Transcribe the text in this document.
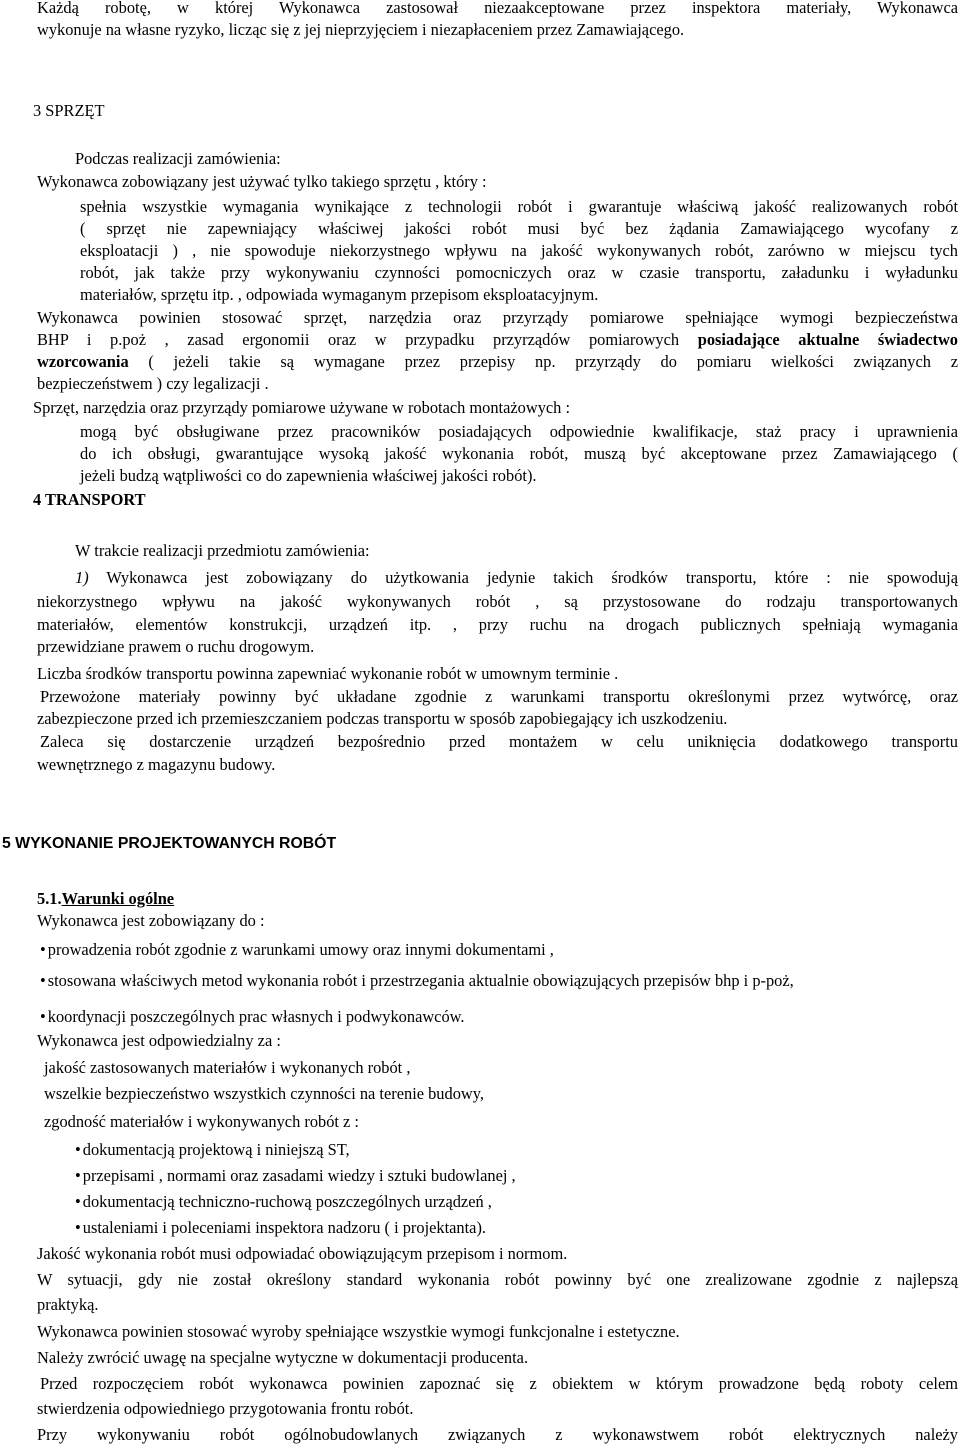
Każdą robotę, w której Wykonawca zastosował niezaakceptowane przez inspektora materiały, Wykonawca

wykonuje na własne ryzyko, licząc się z jej nieprzyjęciem i niezapłaceniem przez Zamawiającego.

3 SPRZĘT

Podczas realizacji zamówienia:

Wykonawca zobowiązany jest używać tylko takiego sprzętu , który :

spełnia wszystkie wymagania wynikające z technologii robót i gwarantuje właściwą jakość realizowanych robót

( sprzęt nie zapewniający właściwej jakości robót musi być bez żądania Zamawiającego wycofany z

eksploatacji ) , nie spowoduje niekorzystnego wpływu na jakość wykonywanych robót, zarówno w miejscu tych

robót, jak także przy wykonywaniu czynności pomocniczych oraz w czasie transportu, załadunku i wyładunku

materiałów, sprzętu itp. , odpowiada wymaganym przepisom eksploatacyjnym.

Wykonawca powinien stosować sprzęt, narzędzia oraz przyrządy pomiarowe spełniające wymogi bezpieczeństwa

BHP i p.poż , zasad ergonomii oraz w przypadku przyrządów pomiarowych posiadające aktualne świadectwo

wzorcowania ( jeżeli takie są wymagane przez przepisy np. przyrządy do pomiaru wielkości związanych z

bezpieczeństwem ) czy legalizacji .

Sprzęt, narzędzia oraz przyrządy pomiarowe używane w robotach montażowych :

mogą być obsługiwane przez pracowników posiadających odpowiednie kwalifikacje, staż pracy i uprawnienia

do ich obsługi, gwarantujące wysoką jakość wykonania robót, muszą być akceptowane przez Zamawiającego (

jeżeli budzą wątpliwości co do zapewnienia właściwej jakości robót).

4 TRANSPORT

W trakcie realizacji przedmiotu zamówienia:

1) Wykonawca jest zobowiązany do użytkowania jedynie takich środków transportu, które : nie spowodują

niekorzystnego wpływu na jakość wykonywanych robót , są przystosowane do rodzaju transportowanych

materiałów, elementów konstrukcji, urządzeń itp. , przy ruchu na drogach publicznych spełniają wymagania

przewidziane prawem o ruchu drogowym.

Liczba środków transportu powinna zapewniać wykonanie robót w umownym terminie .

Przewożone materiały powinny być układane zgodnie z warunkami transportu określonymi przez wytwórcę, oraz

zabezpieczone przed ich przemieszczaniem podczas transportu w sposób zapobiegający ich uszkodzeniu.

Zaleca się dostarczenie urządzeń bezpośrednio przed montażem w celu uniknięcia dodatkowego transportu

wewnętrznego z magazynu budowy.

5 WYKONANIE PROJEKTOWANYCH ROBÓT

5.1.Warunki ogólne

Wykonawca jest zobowiązany do :

• prowadzenia robót zgodnie z warunkami umowy oraz innymi dokumentami ,

• stosowana właściwych metod wykonania robót i przestrzegania aktualnie obowiązujących przepisów bhp i p-poż,

• koordynacji poszczególnych prac własnych i podwykonawców.

Wykonawca jest odpowiedzialny za :

jakość zastosowanych materiałów i wykonanych robót ,

wszelkie bezpieczeństwo wszystkich czynności na terenie budowy,

zgodność materiałów i wykonywanych robót z :

• dokumentacją projektową i niniejszą ST,

• przepisami , normami oraz zasadami wiedzy i sztuki budowlanej ,

• dokumentacją techniczno-ruchową poszczególnych urządzeń ,

• ustaleniami i poleceniami inspektora nadzoru ( i projektanta).

Jakość wykonania robót musi odpowiadać obowiązującym przepisom i normom.

W sytuacji, gdy nie został określony standard wykonania robót powinny być one zrealizowane zgodnie z najlepszą

praktyką.

Wykonawca powinien stosować wyroby spełniające wszystkie wymogi funkcjonalne i estetyczne.

Należy zwrócić uwagę na specjalne wytyczne w dokumentacji producenta.

Przed rozpoczęciem robót wykonawca powinien zapoznać się z obiektem w którym prowadzone będą roboty celem

stwierdzenia odpowiedniego przygotowania frontu robót.

Przy wykonywaniu robót ogólnobudowlanych związanych z wykonawstwem robót elektrycznych należy
